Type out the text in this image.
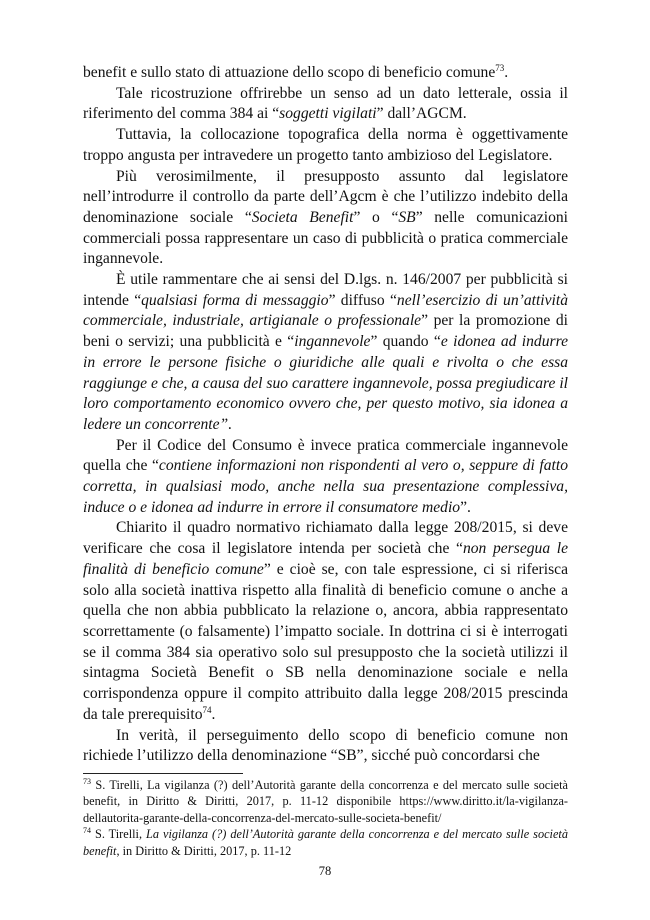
benefit e sullo stato di attuazione dello scopo di beneficio comune$^{73}$.

Tale ricostruzione offrirebbe un senso ad un dato letterale, ossia il riferimento del comma 384 ai “soggetti vigilati” dall’AGCM.

Tuttavia, la collocazione topografica della norma è oggettivamente troppo angusta per intravedere un progetto tanto ambizioso del Legislatore.

Più verosimilmente, il presupposto assunto dal legislatore nell’introdurre il controllo da parte dell’Agcm è che l’utilizzo indebito della denominazione sociale “Societa Benefit” o “SB” nelle comunicazioni commerciali possa rappresentare un caso di pubblicità o pratica commerciale ingannevole.

È utile rammentare che ai sensi del D.lgs. n. 146/2007 per pubblicità si intende “qualsiasi forma di messaggio” diffuso “nell’esercizio di un’attività commerciale, industriale, artigianale o professionale” per la promozione di beni o servizi; una pubblicità e “ingannevole” quando “e idonea ad indurre in errore le persone fisiche o giuridiche alle quali e rivolta o che essa raggiunge e che, a causa del suo carattere ingannevole, possa pregiudicare il loro comportamento economico ovvero che, per questo motivo, sia idonea a ledere un concorrente”.

Per il Codice del Consumo è invece pratica commerciale ingannevole quella che “contiene informazioni non rispondenti al vero o, seppure di fatto corretta, in qualsiasi modo, anche nella sua presentazione complessiva, induce o e idonea ad indurre in errore il consumatore medio”.

Chiarito il quadro normativo richiamato dalla legge 208/2015, si deve verificare che cosa il legislatore intenda per società che “non persegua le finalità di beneficio comune” e cioè se, con tale espressione, ci si riferisca solo alla società inattiva rispetto alla finalità di beneficio comune o anche a quella che non abbia pubblicato la relazione o, ancora, abbia rappresentato scorrettamente (o falsamente) l’impatto sociale. In dottrina ci si è interrogati se il comma 384 sia operativo solo sul presupposto che la società utilizzi il sintagma Società Benefit o SB nella denominazione sociale e nella corrispondenza oppure il compito attribuito dalla legge 208/2015 prescinda da tale prerequisito$^{74}$.

In verità, il perseguimento dello scopo di beneficio comune non richiede l’utilizzo della denominazione “SB”, sicché può concordarsi che

$^{73}$ S. Tirelli, La vigilanza (?) dell’Autorità garante della concorrenza e del mercato sulle società benefit, in Diritto & Diritti, 2017, p. 11-12 disponibile https://www.diritto.it/la-vigilanza-dellautorita-garante-della-concorrenza-del-mercato-sulle-societa-benefit/

$^{74}$ S. Tirelli, La vigilanza (?) dell’Autorità garante della concorrenza e del mercato sulle società benefit, in Diritto & Diritti, 2017, p. 11-12

78
